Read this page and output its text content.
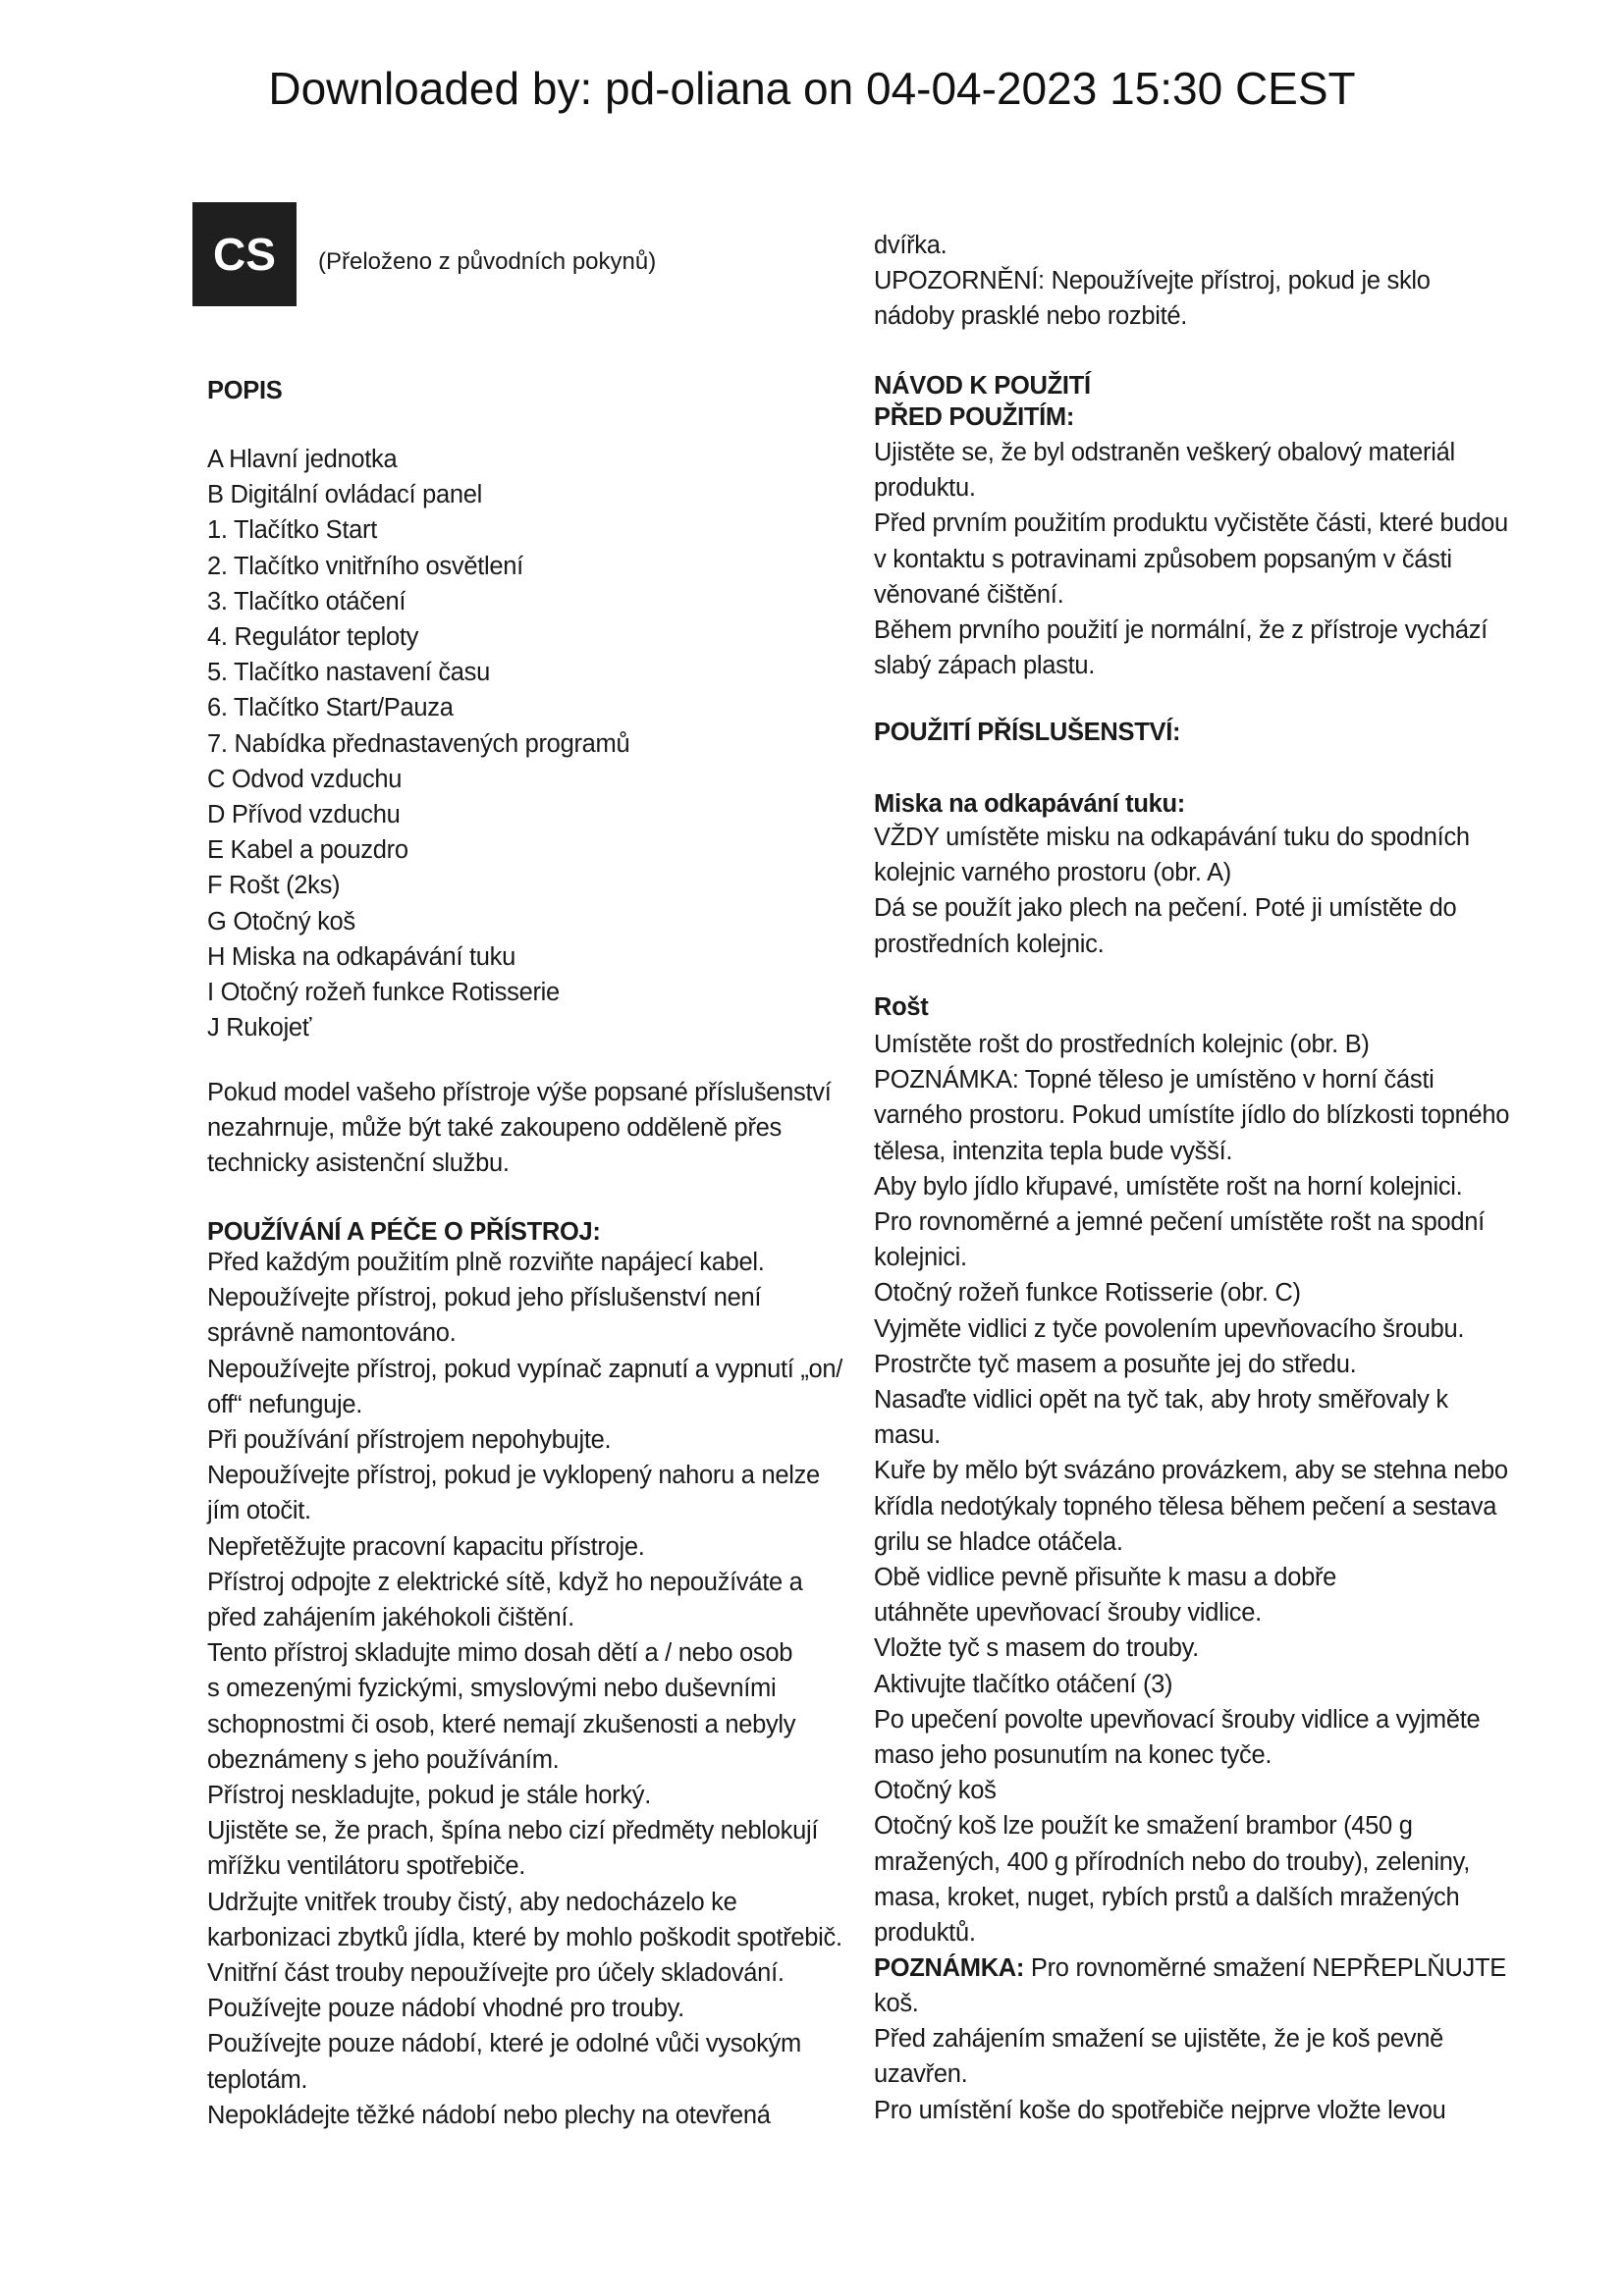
Downloaded by: pd-oliana on 04-04-2023 15:30 CEST
CS	(Přeloženo z původních pokynů)
POPIS
A Hlavní jednotka
B Digitální ovládací panel
1. Tlačítko Start
2. Tlačítko vnitřního osvětlení
3. Tlačítko otáčení
4. Regulátor teploty
5. Tlačítko nastavení času
6. Tlačítko Start/Pauza
7. Nabídka přednastavených programů
C Odvod vzduchu
D Přívod vzduchu
E Kabel a pouzdro
F Rošt (2ks)
G Otočný koš
H Miska na odkapávání tuku
I Otočný rožeň funkce Rotisserie
J Rukojeť
Pokud model vašeho přístroje výše popsané příslušenství
nezahrnuje, může být také zakoupeno odděleně přes
technicky asistenční službu.
POUŽÍVÁNÍ A PÉČE O PŘÍSTROJ:
Před každým použitím plně rozviňte napájecí kabel.
Nepoužívejte přístroj, pokud jeho příslušenství není
správně namontováno.
Nepoužívejte přístroj, pokud vypínač zapnutí a vypnutí „on/
off“ nefunguje.
Při používání přístrojem nepohybujte.
Nepoužívejte přístroj, pokud je vyklopený nahoru a nelze
jím otočit.
Nepřetěžujte pracovní kapacitu přístroje.
Přístroj odpojte z elektrické sítě, když ho nepoužíváte a
před zahájením jakéhokoli čištění.
Tento přístroj skladujte mimo dosah dětí a / nebo osob
s omezenými fyzickými, smyslovými nebo duševními
schopnostmi či osob, které nemají zkušenosti a nebyly
obeznámeny s jeho používáním.
Přístroj neskladujte, pokud je stále horký.
Ujistěte se, že prach, špína nebo cizí předměty neblokují
mřížku ventilátoru spotřebiče.
Udržujte vnitřek trouby čistý, aby nedocházelo ke
karbonizaci zbytků jídla, které by mohlo poškodit spotřebič.
Vnitřní část trouby nepoužívejte pro účely skladování.
Používejte pouze nádobí vhodné pro trouby.
Používejte pouze nádobí, které je odolné vůči vysokým
teplotám.
Nepokládejte těžké nádobí nebo plechy na otevřená
dvířka.
UPOZORNĚNÍ: Nepoužívejte přístroj, pokud je sklo
nádoby prasklé nebo rozbité.
NÁVOD K POUŽITÍ
PŘED POUŽITÍM:
Ujistěte se, že byl odstraněn veškerý obalový materiál
produktu.
Před prvním použitím produktu vyčistěte části, které budou
v kontaktu s potravinami způsobem popsaným v části
věnované čištění.
Během prvního použití je normální, že z přístroje vychází
slabý zápach plastu.
POUŽITÍ PŘÍSLUŠENSTVÍ:
Miska na odkapávání tuku:
VŽDY umístěte misku na odkapávání tuku do spodních
kolejnic varného prostoru (obr. A)
Dá se použít jako plech na pečení. Poté ji umístěte do
prostředních kolejnic.
Rošt
Umístěte rošt do prostředních kolejnic (obr. B)
POZNÁMKA: Topné těleso je umístěno v horní části
varného prostoru. Pokud umístíte jídlo do blízkosti topného
tělesa, intenzita tepla bude vyšší.
Aby bylo jídlo křupavé, umístěte rošt na horní kolejnici.
Pro rovnoměrné a jemné pečení umístěte rošt na spodní
kolejnici.
Otočný rožeň funkce Rotisserie (obr. C)
Vyjměte vidlici z tyče povolením upevňovacího šroubu.
Prostrčte tyč masem a posuňte jej do středu.
Nasaďte vidlici opět na tyč tak, aby hroty směřovaly k
masu.
Kuře by mělo být svázáno provázkem, aby se stehna nebo
křídla nedotýkaly topného tělesa během pečení a sestava
grilu se hladce otáčela.
Obě vidlice pevně přisuňte k masu a dobře
utáhněte upevňovací šrouby vidlice.
Vložte tyč s masem do trouby.
Aktivujte tlačítko otáčení (3)
Po upečení povolte upevňovací šrouby vidlice a vyjměte
maso jeho posunutím na konec tyče.
Otočný koš
Otočný koš lze použít ke smažení brambor (450 g
mražených, 400 g přírodních nebo do trouby), zeleniny,
masa, kroket, nuget, rybích prstů a dalších mražených
produktů.
POZNÁMKA: Pro rovnoměrné smažení NEPŘEPLŇUJTE
koš.
Před zahájením smažení se ujistěte, že je koš pevně
uzavřen.
Pro umístění koše do spotřebiče nejprve vložte levou
